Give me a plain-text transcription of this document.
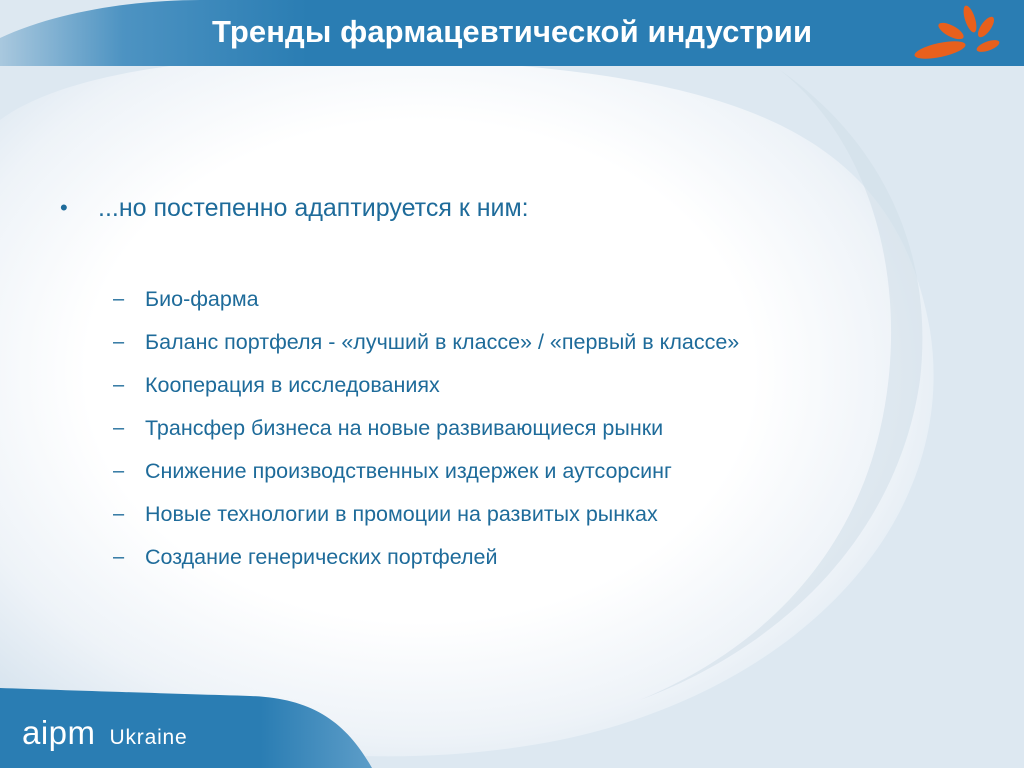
Тренды фармацевтической индустрии
•	...но постепенно адаптируется к ним:
– Био-фарма
– Баланс портфеля - «лучший в классе» / «первый в классе»
– Кооперация в исследованиях
– Трансфер бизнеса на новые развивающиеся рынки
– Снижение производственных издержек и аутсорсинг
– Новые технологии в промоции на развитых рынках
– Создание генерических портфелей
aipm Ukraine
